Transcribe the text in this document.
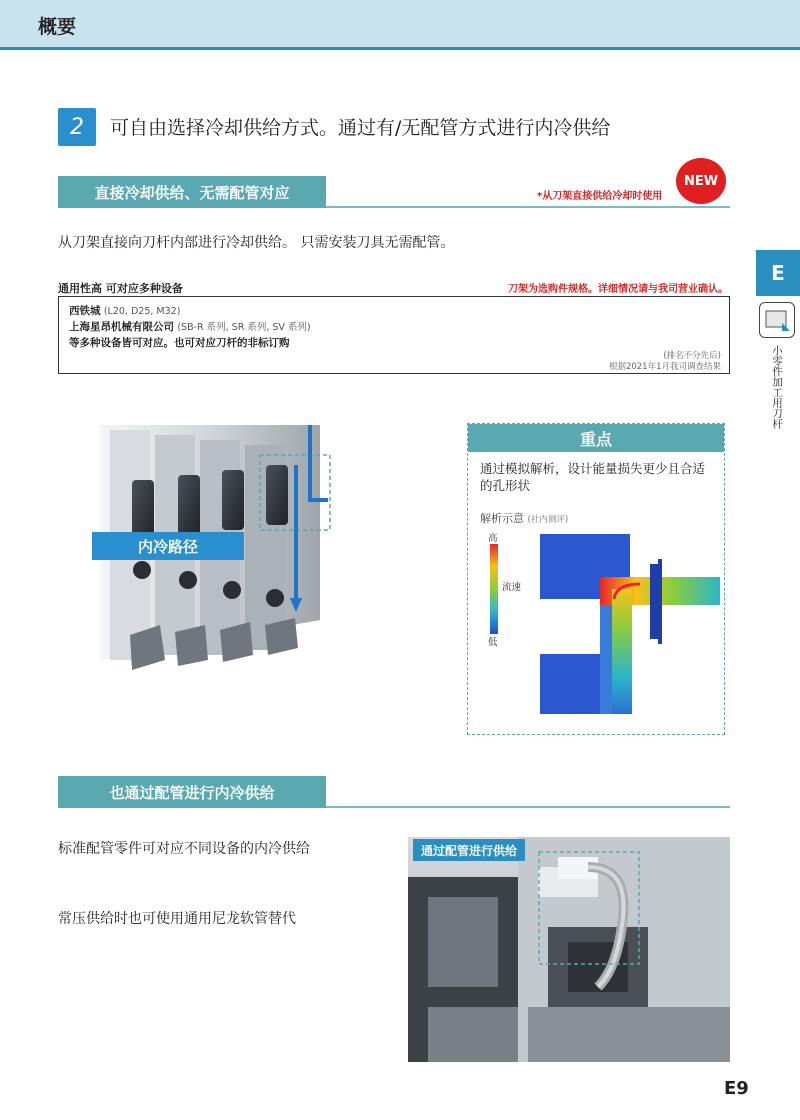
概要
2	可自由选择冷却供给方式。通过有/无配管方式进行内冷供给
直接冷却供给、无需配管对应
NEW
*从刀架直接供给冷却时使用
从刀架直接向刀杆内部进行冷却供给。 只需安装刀具无需配管。
通用性高 可对应多种设备	刀架为选购件规格。详细情况请与我司营业确认。
西铁城 (L20, D25, M32)
上海星昂机械有限公司 (SB-R 系列, SR 系列, SV 系列)
等多种设备皆可对应。也可对应刀杆的非标订购
(排名不分先后)
根据2021年1月我司调查结果
E
小零件加工用刀杆
内冷路径
重点
通过模拟解析，设计能量损失更少且合适的孔形状
解析示意 (社内测评)
高
流速
低
也通过配管进行内冷供给
标准配管零件可对应不同设备的内冷供给
常压供给时也可使用通用尼龙软管替代
通过配管进行供给
E9
